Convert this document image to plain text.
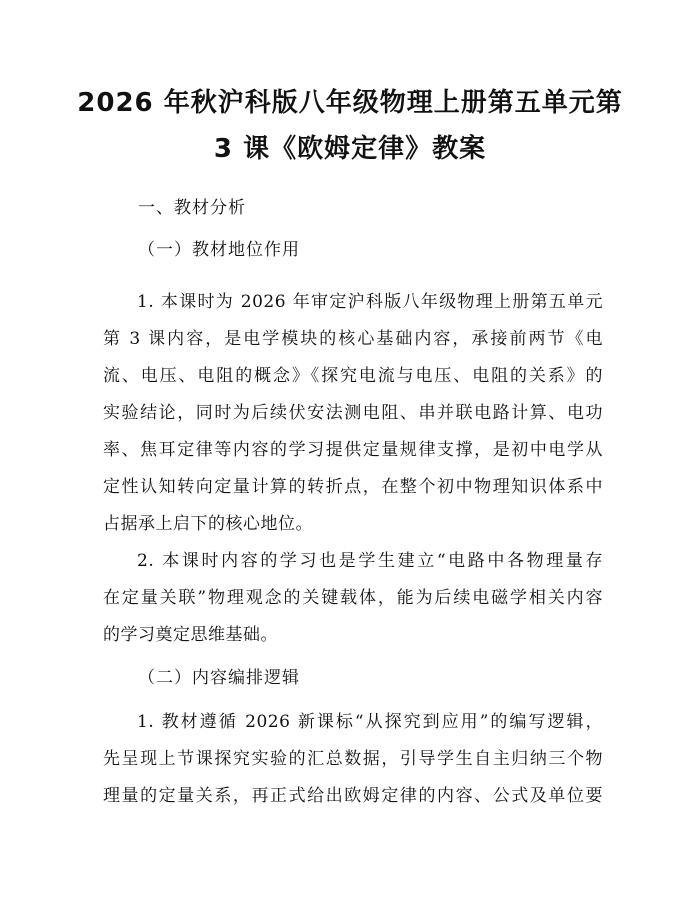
2026 年秋沪科版八年级物理上册第五单元第
3 课《欧姆定律》教案
一、教材分析
（一）教材地位作用
1. 本课时为 2026 年审定沪科版八年级物理上册第五单元
第 3 课内容，是电学模块的核心基础内容，承接前两节《电
流、电压、电阻的概念》《探究电流与电压、电阻的关系》的
实验结论，同时为后续伏安法测电阻、串并联电路计算、电功
率、焦耳定律等内容的学习提供定量规律支撑，是初中电学从
定性认知转向定量计算的转折点，在整个初中物理知识体系中
占据承上启下的核心地位。
2. 本课时内容的学习也是学生建立“电路中各物理量存
在定量关联”物理观念的关键载体，能为后续电磁学相关内容
的学习奠定思维基础。
（二）内容编排逻辑
1. 教材遵循 2026 新课标“从探究到应用”的编写逻辑，
先呈现上节课探究实验的汇总数据，引导学生自主归纳三个物
理量的定量关系，再正式给出欧姆定律的内容、公式及单位要
